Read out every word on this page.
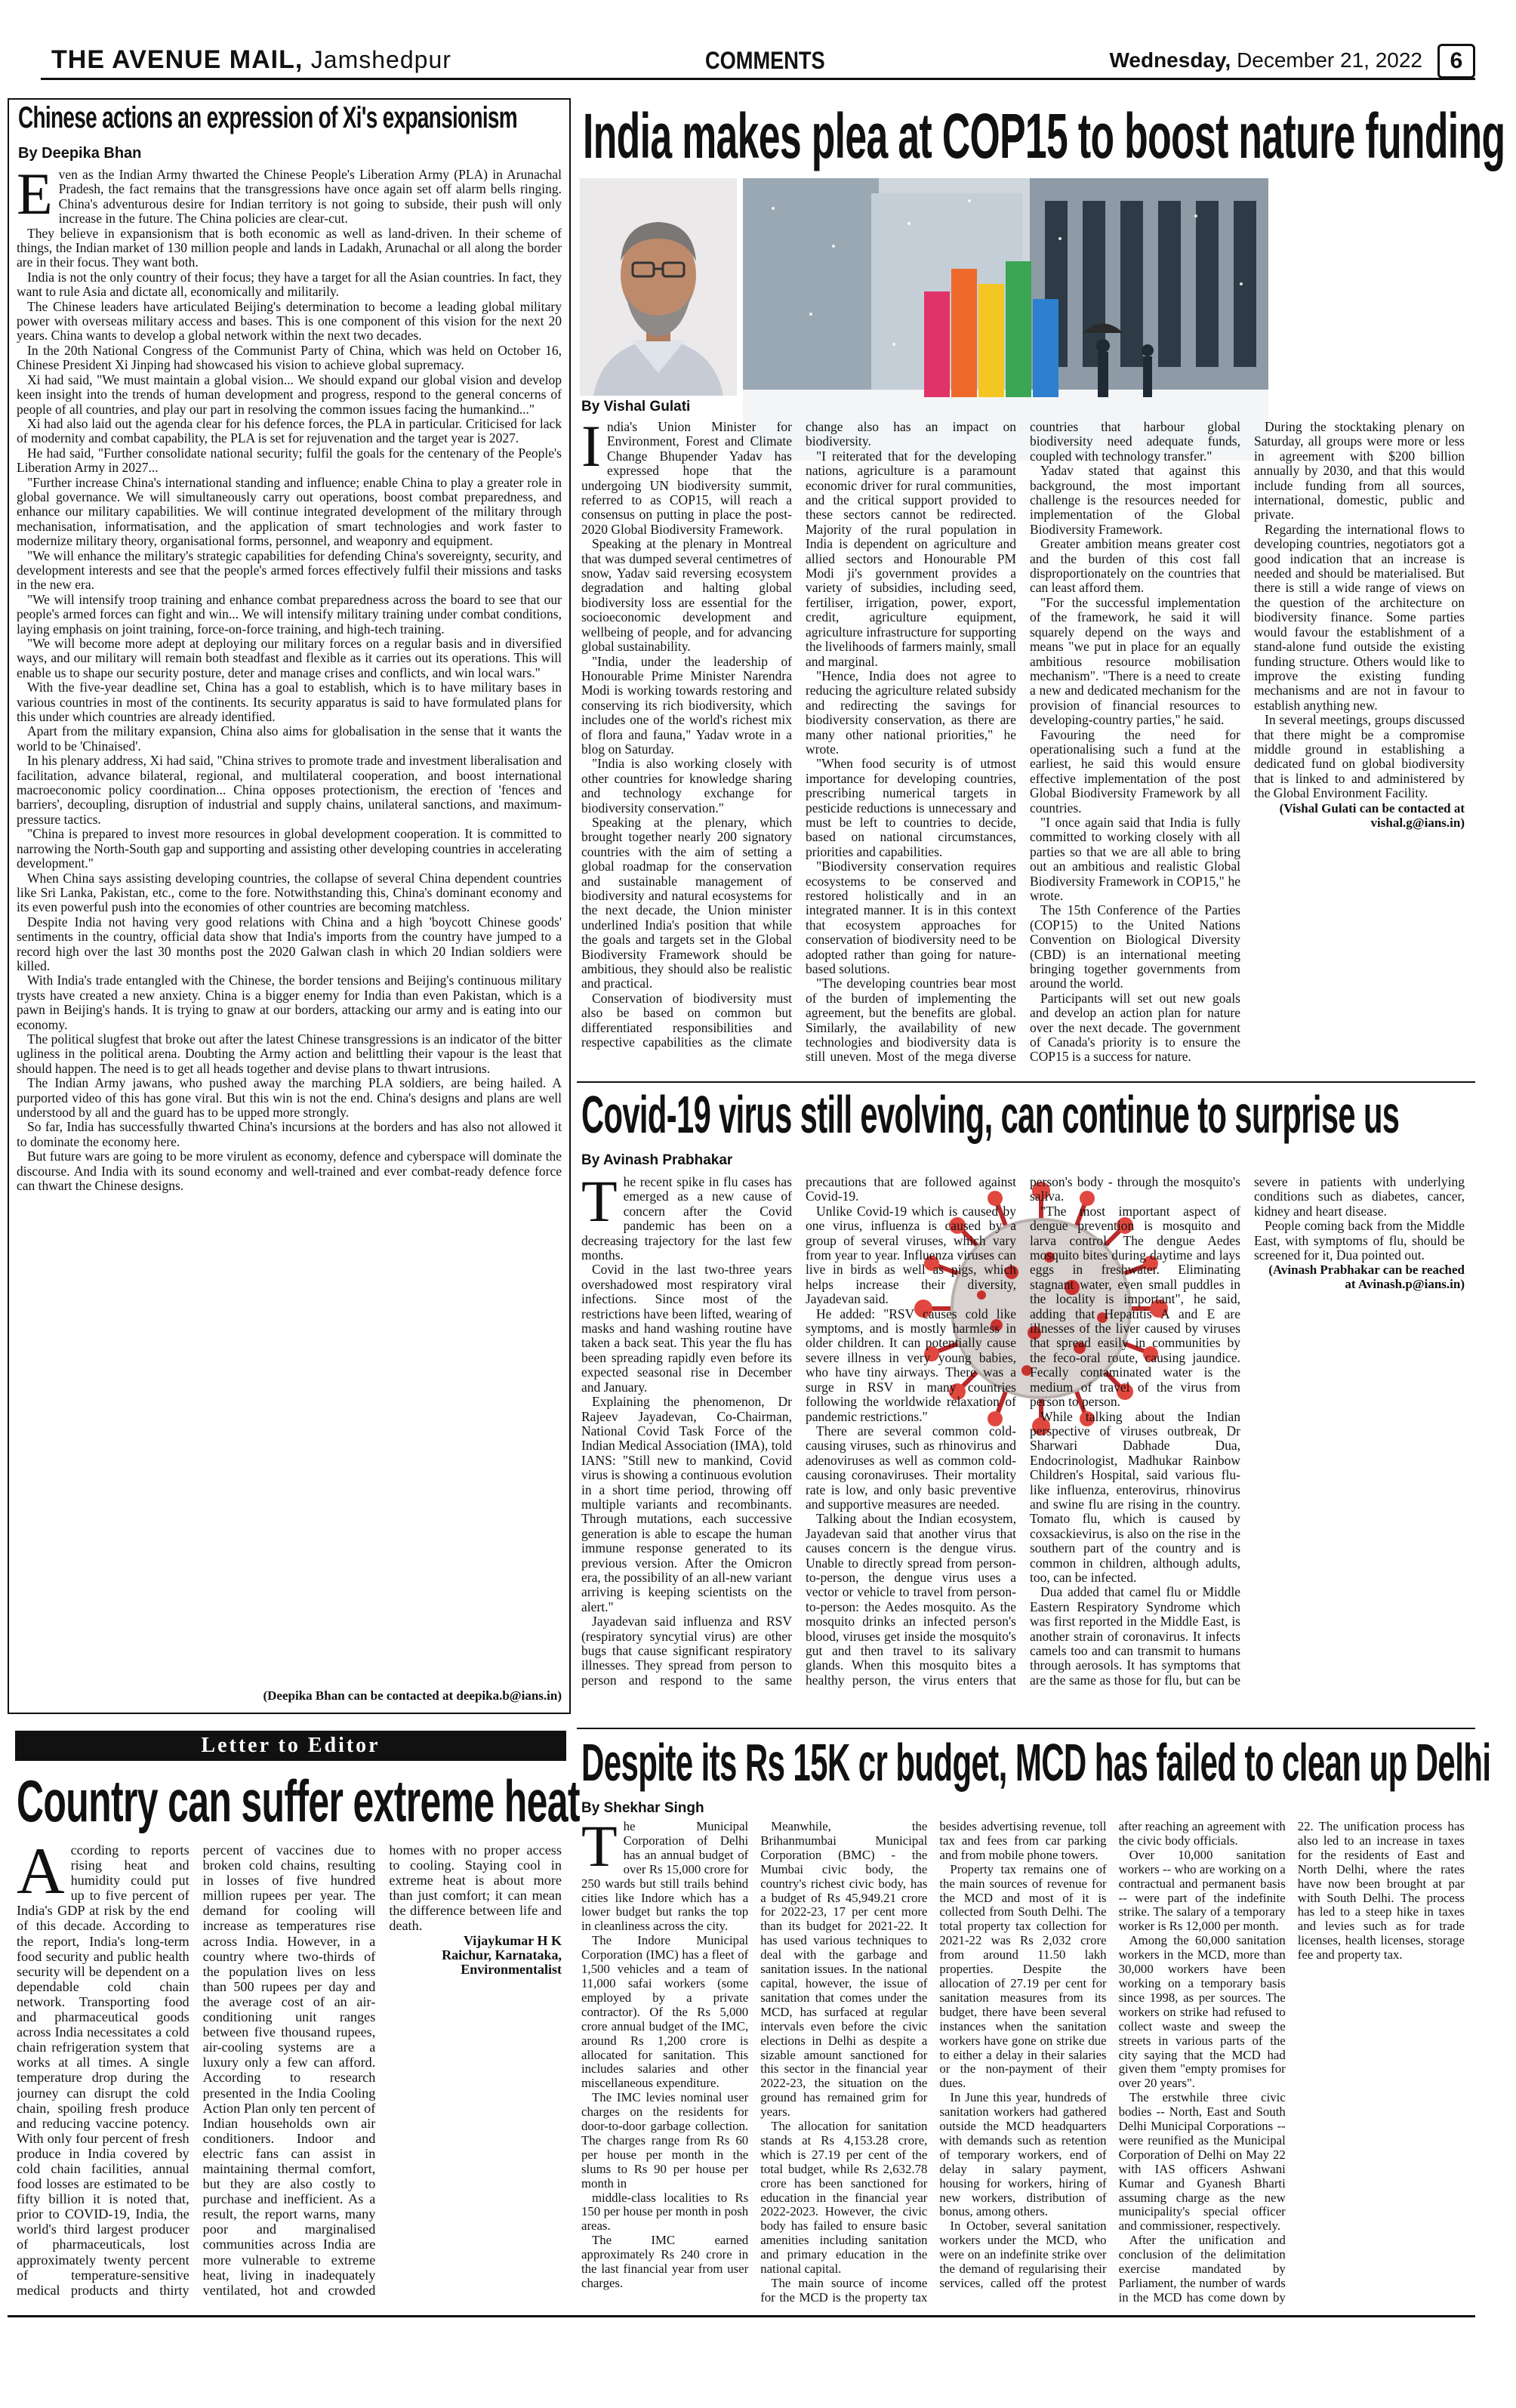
THE AVENUE MAIL, Jamshedpur	COMMENTS	Wednesday, December 21, 2022	6
Chinese actions an expression of Xi's expansionism
By Deepika Bhan

Even as the Indian Army thwarted the Chinese People's Liberation Army (PLA) in Arunachal Pradesh, the fact remains that the transgressions have once again set off alarm bells ringing. China's adventurous desire for Indian territory is not going to subside, their push will only increase in the future. The China policies are clear-cut.

They believe in expansionism that is both economic as well as land-driven. In their scheme of things, the Indian market of 130 million people and lands in Ladakh, Arunachal or all along the border are in their focus. They want both.

India is not the only country of their focus; they have a target for all the Asian countries. In fact, they want to rule Asia and dictate all, economically and militarily.

The Chinese leaders have articulated Beijing's determination to become a leading global military power with overseas military access and bases. This is one component of this vision for the next 20 years. China wants to develop a global network within the next two decades.

In the 20th National Congress of the Communist Party of China, which was held on October 16, Chinese President Xi Jinping had showcased his vision to achieve global supremacy.

Xi had said, "We must maintain a global vision... We should expand our global vision and develop keen insight into the trends of human development and progress, respond to the general concerns of people of all countries, and play our part in resolving the common issues facing the humankind..."

Xi had also laid out the agenda clear for his defence forces, the PLA in particular. Criticised for lack of modernity and combat capability, the PLA is set for rejuvenation and the target year is 2027.

He had said, "Further consolidate national security; fulfil the goals for the centenary of the People's Liberation Army in 2027...

"Further increase China's international standing and influence; enable China to play a greater role in global governance. We will simultaneously carry out operations, boost combat preparedness, and enhance our military capabilities. We will continue integrated development of the military through mechanisation, informatisation, and the application of smart technologies and work faster to modernize military theory, organisational forms, personnel, and weaponry and equipment.

"We will enhance the military's strategic capabilities for defending China's sovereignty, security, and development interests and see that the people's armed forces effectively fulfil their missions and tasks in the new era.

"We will intensify troop training and enhance combat preparedness across the board to see that our people's armed forces can fight and win... We will intensify military training under combat conditions, laying emphasis on joint training, force-on-force training, and high-tech training.

"We will become more adept at deploying our military forces on a regular basis and in diversified ways, and our military will remain both steadfast and flexible as it carries out its operations. This will enable us to shape our security posture, deter and manage crises and conflicts, and win local wars."

With the five-year deadline set, China has a goal to establish, which is to have military bases in various countries in most of the continents. Its security apparatus is said to have formulated plans for this under which countries are already identified.

Apart from the military expansion, China also aims for globalisation in the sense that it wants the world to be 'Chinaised'.

In his plenary address, Xi had said, "China strives to promote trade and investment liberalisation and facilitation, advance bilateral, regional, and multilateral cooperation, and boost international macroeconomic policy coordination... China opposes protectionism, the erection of 'fences and barriers', decoupling, disruption of industrial and supply chains, unilateral sanctions, and maximum-pressure tactics.

"China is prepared to invest more resources in global development cooperation. It is committed to narrowing the North-South gap and supporting and assisting other developing countries in accelerating development."

When China says assisting developing countries, the collapse of several China dependent countries like Sri Lanka, Pakistan, etc., come to the fore. Notwithstanding this, China's dominant economy and its even powerful push into the economies of other countries are becoming matchless.

Despite India not having very good relations with China and a high 'boycott Chinese goods' sentiments in the country, official data show that India's imports from the country have jumped to a record high over the last 30 months post the 2020 Galwan clash in which 20 Indian soldiers were killed.

With India's trade entangled with the Chinese, the border tensions and Beijing's continuous military trysts have created a new anxiety. China is a bigger enemy for India than even Pakistan, which is a pawn in Beijing's hands. It is trying to gnaw at our borders, attacking our army and is eating into our economy.

The political slugfest that broke out after the latest Chinese transgressions is an indicator of the bitter ugliness in the political arena. Doubting the Army action and belittling their vapour is the least that should happen. The need is to get all heads together and devise plans to thwart intrusions.

The Indian Army jawans, who pushed away the marching PLA soldiers, are being hailed. A purported video of this has gone viral. But this win is not the end. China's designs and plans are well understood by all and the guard has to be upped more strongly.

So far, India has successfully thwarted China's incursions at the borders and has also not allowed it to dominate the economy here.

But future wars are going to be more virulent as economy, defence and cyberspace will dominate the discourse. And India with its sound economy and well-trained and ever combat-ready defence force can thwart the Chinese designs.

(Deepika Bhan can be contacted at deepika.b@ians.in)
India makes plea at COP15 to boost nature funding
By Vishal Gulati

India's Union Minister for Environment, Forest and Climate Change Bhupender Yadav has expressed hope that the undergoing UN biodiversity summit, referred to as COP15, will reach a consensus on putting in place the post-2020 Global Biodiversity Framework.

Speaking at the plenary in Montreal that was dumped several centimetres of snow, Yadav said reversing ecosystem degradation and halting global biodiversity loss are essential for the socioeconomic development and wellbeing of people, and for advancing global sustainability.

"India, under the leadership of Honourable Prime Minister Narendra Modi is working towards restoring and conserving its rich biodiversity, which includes one of the world's richest mix of flora and fauna," Yadav wrote in a blog on Saturday.

"India is also working closely with other countries for knowledge sharing and technology exchange for biodiversity conservation."

Speaking at the plenary, which brought together nearly 200 signatory countries with the aim of setting a global roadmap for the conservation and sustainable management of biodiversity and natural ecosystems for the next decade, the Union minister underlined India's position that while the goals and targets set in the Global Biodiversity Framework should be ambitious, they should also be realistic and practical.

Conservation of biodiversity must also be based on common but differentiated responsibilities and respective capabilities as the climate change also has an impact on biodiversity.

"I reiterated that for the developing nations, agriculture is a paramount economic driver for rural communities, and the critical support provided to these sectors cannot be redirected. Majority of the rural population in India is dependent on agriculture and allied sectors and Honourable PM Modi ji's government provides a variety of subsidies, including seed, fertiliser, irrigation, power, export, credit, agriculture equipment, agriculture infrastructure for supporting the livelihoods of farmers mainly, small and marginal.

"Hence, India does not agree to reducing the agriculture related subsidy and redirecting the savings for biodiversity conservation, as there are many other national priorities," he wrote.

"When food security is of utmost importance for developing countries, prescribing numerical targets in pesticide reductions is unnecessary and must be left to countries to decide, based on national circumstances, priorities and capabilities.

"Biodiversity conservation requires ecosystems to be conserved and restored holistically and in an integrated manner. It is in this context that ecosystem approaches for conservation of biodiversity need to be adopted rather than going for nature-based solutions.

"The developing countries bear most of the burden of implementing the agreement, but the benefits are global. Similarly, the availability of new technologies and biodiversity data is still uneven. Most of the mega diverse countries that harbour global biodiversity need adequate funds, coupled with technology transfer."

Yadav stated that against this background, the most important challenge is the resources needed for implementation of the Global Biodiversity Framework.

Greater ambition means greater cost and the burden of this cost fall disproportionately on the countries that can least afford them.

"For the successful implementation of the framework, he said it will squarely depend on the ways and means "we put in place for an equally ambitious resource mobilisation mechanism". "There is a need to create a new and dedicated mechanism for the provision of financial resources to developing-country parties," he said.

Favouring the need for operationalising such a fund at the earliest, he said this would ensure effective implementation of the post Global Biodiversity Framework by all countries.

"I once again said that India is fully committed to working closely with all parties so that we are all able to bring out an ambitious and realistic Global Biodiversity Framework in COP15," he wrote.

The 15th Conference of the Parties (COP15) to the United Nations Convention on Biological Diversity (CBD) is an international meeting bringing together governments from around the world.

Participants will set out new goals and develop an action plan for nature over the next decade. The government of Canada's priority is to ensure the COP15 is a success for nature.

During the stocktaking plenary on Saturday, all groups were more or less in agreement with $200 billion annually by 2030, and that this would include funding from all sources, international, domestic, public and private.

Regarding the international flows to developing countries, negotiators got a good indication that an increase is needed and should be materialised. But there is still a wide range of views on the question of the architecture on biodiversity finance. Some parties would favour the establishment of a stand-alone fund outside the existing funding structure. Others would like to improve the existing funding mechanisms and are not in favour to establish anything new.

In several meetings, groups discussed that there might be a compromise middle ground in establishing a dedicated fund on global biodiversity that is linked to and administered by the Global Environment Facility.

(Vishal Gulati can be contacted at vishal.g@ians.in)

Covid-19 virus still evolving, can continue to surprise us
By Avinash Prabhakar

The recent spike in flu cases has emerged as a new cause of concern after the Covid pandemic has been on a decreasing trajectory for the last few months.

Covid in the last two-three years overshadowed most respiratory viral infections. Since most of the restrictions have been lifted, wearing of masks and hand washing routine have taken a back seat. This year the flu has been spreading rapidly even before its expected seasonal rise in December and January.

Explaining the phenomenon, Dr Rajeev Jayadevan, Co-Chairman, National Covid Task Force of the Indian Medical Association (IMA), told IANS: "Still new to mankind, Covid virus is showing a continuous evolution in a short time period, throwing off multiple variants and recombinants. Through mutations, each successive generation is able to escape the human immune response generated to its previous version. After the Omicron era, the possibility of an all-new variant arriving is keeping scientists on the alert."

Jayadevan said influenza and RSV (respiratory syncytial virus) are other bugs that cause significant respiratory illnesses. They spread from person to person and respond to the same precautions that are followed against Covid-19.

Unlike Covid-19 which is caused by one virus, influenza is caused by a group of several viruses, which vary from year to year. Influenza viruses can live in birds as well as pigs, which helps increase their diversity, Jayadevan said.

He added: "RSV causes cold like symptoms, and is mostly harmless in older children. It can potentially cause severe illness in very young babies, who have tiny airways. There was a surge in RSV in many countries following the worldwide relaxation of pandemic restrictions."

There are several common cold-causing viruses, such as rhinovirus and adenoviruses as well as common cold-causing coronaviruses. Their mortality rate is low, and only basic preventive and supportive measures are needed.

Talking about the Indian ecosystem, Jayadevan said that another virus that causes concern is the dengue virus. Unable to directly spread from person-to-person, the dengue virus uses a vector or vehicle to travel from person-to-person: the Aedes mosquito. As the mosquito drinks an infected person's blood, viruses get inside the mosquito's gut and then travel to its salivary glands. When this mosquito bites a healthy person, the virus enters that person's body - through the mosquito's saliva.

"The most important aspect of dengue prevention is mosquito and larva control. The dengue Aedes mosquito bites during daytime and lays eggs in freshwater. Eliminating stagnant water, even small puddles in the locality is important", he said, adding that Hepatitis A and E are illnesses of the liver caused by viruses that spread easily in communities by the feco-oral route, causing jaundice. Fecally contaminated water is the medium of travel of the virus from person to person.

While talking about the Indian perspective of viruses outbreak, Dr Sharwari Dabhade Dua, Endocrinologist, Madhukar Rainbow Children's Hospital, said various flu-like influenza, enterovirus, rhinovirus and swine flu are rising in the country. Tomato flu, which is caused by coxsackievirus, is also on the rise in the southern part of the country and is common in children, although adults, too, can be infected.

Dua added that camel flu or Middle Eastern Respiratory Syndrome which was first reported in the Middle East, is another strain of coronavirus. It infects camels too and can transmit to humans through aerosols. It has symptoms that are the same as those for flu, but can be severe in patients with underlying conditions such as diabetes, cancer, kidney and heart disease.

People coming back from the Middle East, with symptoms of flu, should be screened for it, Dua pointed out.

(Avinash Prabhakar can be reached at Avinash.p@ians.in)

Letter to Editor
Country can suffer extreme heat

According to reports rising heat and humidity could put up to five percent of India's GDP at risk by the end of this decade. According to the report, India's long-term food security and public health security will be dependent on a dependable cold chain network. Transporting food and pharmaceutical goods across India necessitates a cold chain refrigeration system that works at all times. A single temperature drop during the journey can disrupt the cold chain, spoiling fresh produce and reducing vaccine potency. With only four percent of fresh produce in India covered by cold chain facilities, annual food losses are estimated to be fifty billion it is noted that, prior to COVID-19, India, the world's third largest producer of pharmaceuticals, lost approximately twenty percent of temperature-sensitive medical products and thirty percent of vaccines due to broken cold chains, resulting in losses of five hundred million rupees per year. The demand for cooling will increase as temperatures rise across India. However, in a country where two-thirds of the population lives on less than 500 rupees per day and the average cost of an air-conditioning unit ranges between five thousand rupees, air-cooling systems are a luxury only a few can afford. According to research presented in the India Cooling Action Plan only ten percent of Indian households own air conditioners. Indoor and electric fans can assist in maintaining thermal comfort, but they are also costly to purchase and inefficient. As a result, the report warns, many poor and marginalised communities across India are more vulnerable to extreme heat, living in inadequately ventilated, hot and crowded homes with no proper access to cooling. Staying cool in extreme heat is about more than just comfort; it can mean the difference between life and death.

Vijaykumar H K

Raichur, Karnataka,

Environmentalist

Despite its Rs 15K cr budget, MCD has failed to clean up Delhi
By Shekhar Singh

The Municipal Corporation of Delhi has an annual budget of over Rs 15,000 crore for 250 wards but still trails behind cities like Indore which has a lower budget but ranks the top in cleanliness across the city.

The Indore Municipal Corporation (IMC) has a fleet of 1,500 vehicles and a team of 11,000 safai workers (some employed by a private contractor). Of the Rs 5,000 crore annual budget of the IMC, around Rs 1,200 crore is allocated for sanitation. This includes salaries and other miscellaneous expenditure.

The IMC levies nominal user charges on the residents for door-to-door garbage collection. The charges range from Rs 60 per house per month in the slums to Rs 90 per house per month in

middle-class localities to Rs 150 per house per month in posh areas.

The IMC earned approximately Rs 240 crore in the last financial year from user charges.

Meanwhile, the Brihanmumbai Municipal Corporation (BMC) - the Mumbai civic body, the country's richest civic body, has a budget of Rs 45,949.21 crore for 2022-23, 17 per cent more than its budget for 2021-22. It has used various techniques to deal with the garbage and sanitation issues. In the national capital, however, the issue of sanitation that comes under the MCD, has surfaced at regular intervals even before the civic elections in Delhi as despite a sizable amount sanctioned for this sector in the financial year 2022-23, the situation on the ground has remained grim for years.

The allocation for sanitation stands at Rs 4,153.28 crore, which is 27.19 per cent of the total budget, while Rs 2,632.78 crore has been sanctioned for education in the financial year 2022-2023. However, the civic body has failed to ensure basic amenities including sanitation and primary education in the national capital.

The main source of income for the MCD is the property tax besides advertising revenue, toll tax and fees from car parking and from mobile phone towers.

Property tax remains one of the main sources of revenue for the MCD and most of it is collected from South Delhi. The total property tax collection for 2021-22 was Rs 2,032 crore from around 11.50 lakh properties. Despite the allocation of 27.19 per cent for sanitation measures from its budget, there have been several instances when the sanitation workers have gone on strike due to either a delay in their salaries or the non-payment of their dues.

In June this year, hundreds of sanitation workers had gathered outside the MCD headquarters with demands such as retention of temporary workers, end of delay in salary payment, housing for workers, hiring of new workers, distribution of bonus, among others.

In October, several sanitation workers under the MCD, who were on an indefinite strike over the demand of regularising their services, called off the protest after reaching an agreement with the civic body officials.

Over 10,000 sanitation workers -- who are working on a contractual and permanent basis -- were part of the indefinite strike. The salary of a temporary worker is Rs 12,000 per month.

Among the 60,000 sanitation workers in the MCD, more than 30,000 workers have been working on a temporary basis since 1998, as per sources. The workers on strike had refused to collect waste and sweep the streets in various parts of the city saying that the MCD had given them "empty promises for over 20 years".

The erstwhile three civic bodies -- North, East and South Delhi Municipal Corporations -- were reunified as the Municipal Corporation of Delhi on May 22 with IAS officers Ashwani Kumar and Gyanesh Bharti assuming charge as the new municipality's special officer and commissioner, respectively.

After the unification and conclusion of the delimitation exercise mandated by Parliament, the number of wards in the MCD has come down by 22. The unification process has also led to an increase in taxes for the residents of East and North Delhi, where the rates have now been brought at par with South Delhi. The process has led to a steep hike in taxes and levies such as for trade licenses, health licenses, storage fee and property tax.
